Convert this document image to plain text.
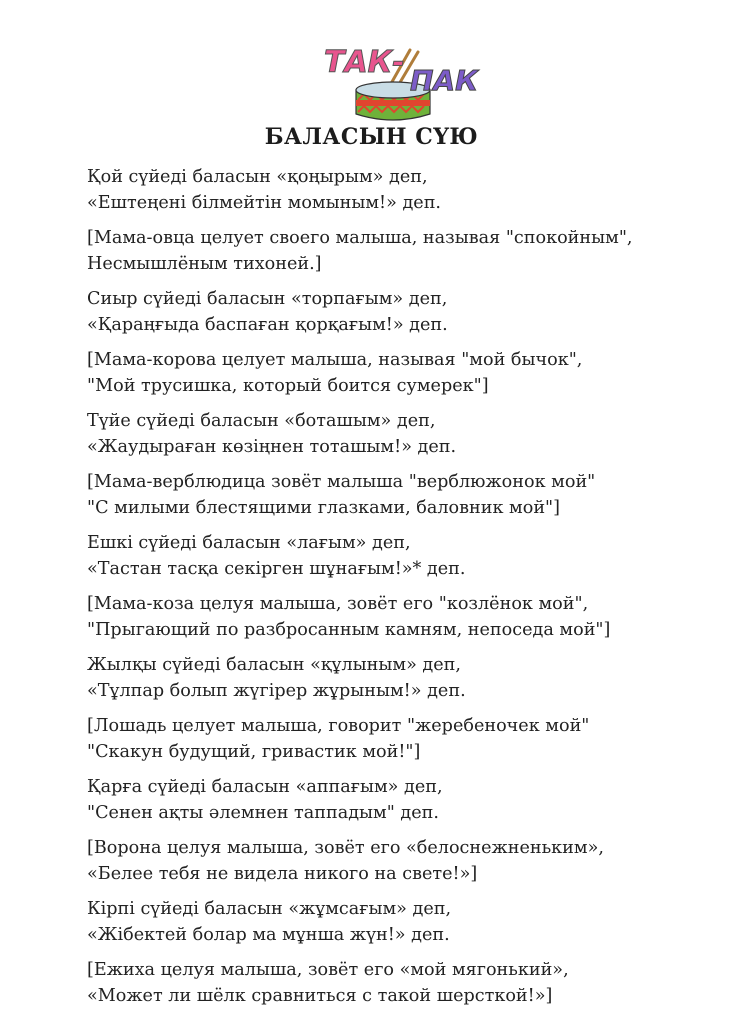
ТАК-
ПАК
БАЛАСЫН СҮЮ
Қой сүйеді баласын «қоңырым» деп,
«Ештеңені білмейтін момыным!» деп.
[Мама-овца целует своего малыша, называя "спокойным",
Несмышлёным тихоней.]
Сиыр сүйеді баласын «торпағым» деп,
«Қараңғыда баспаған қорқағым!» деп.
[Мама-корова целует малыша, называя "мой бычок",
"Мой трусишка, который боится сумерек"]
Түйе сүйеді баласын «боташым» деп,
«Жаудыраған көзіңнен тоташым!» деп.
[Мама-верблюдица зовёт малыша "верблюжонок мой"
"С милыми блестящими глазками, баловник мой"]
Ешкі сүйеді баласын «лағым» деп,
«Тастан тасқа секірген шұнағым!»* деп.
[Мама-коза целуя малыша, зовёт его "козлёнок мой",
"Прыгающий по разбросанным камням, непоседа мой"]
Жылқы сүйеді баласын «құлыным» деп,
«Тұлпар болып жүгірер жұрыным!» деп.
[Лошадь целует малыша, говорит "жеребеночек мой"
"Скакун будущий, гривастик мой!"]
Қарға сүйеді баласын «аппағым» деп,
"Сенен ақты әлемнен таппадым" деп.
[Ворона целуя малыша, зовёт его «белоснежненьким»,
«Белее тебя не видела никого на свете!»]
Кірпі сүйеді баласын «жұмсағым» деп,
«Жібектей болар ма мұнша жүн!» деп.
[Ежиха целуя малыша, зовёт его «мой мягонький»,
«Может ли шёлк сравниться с такой шерсткой!»]
